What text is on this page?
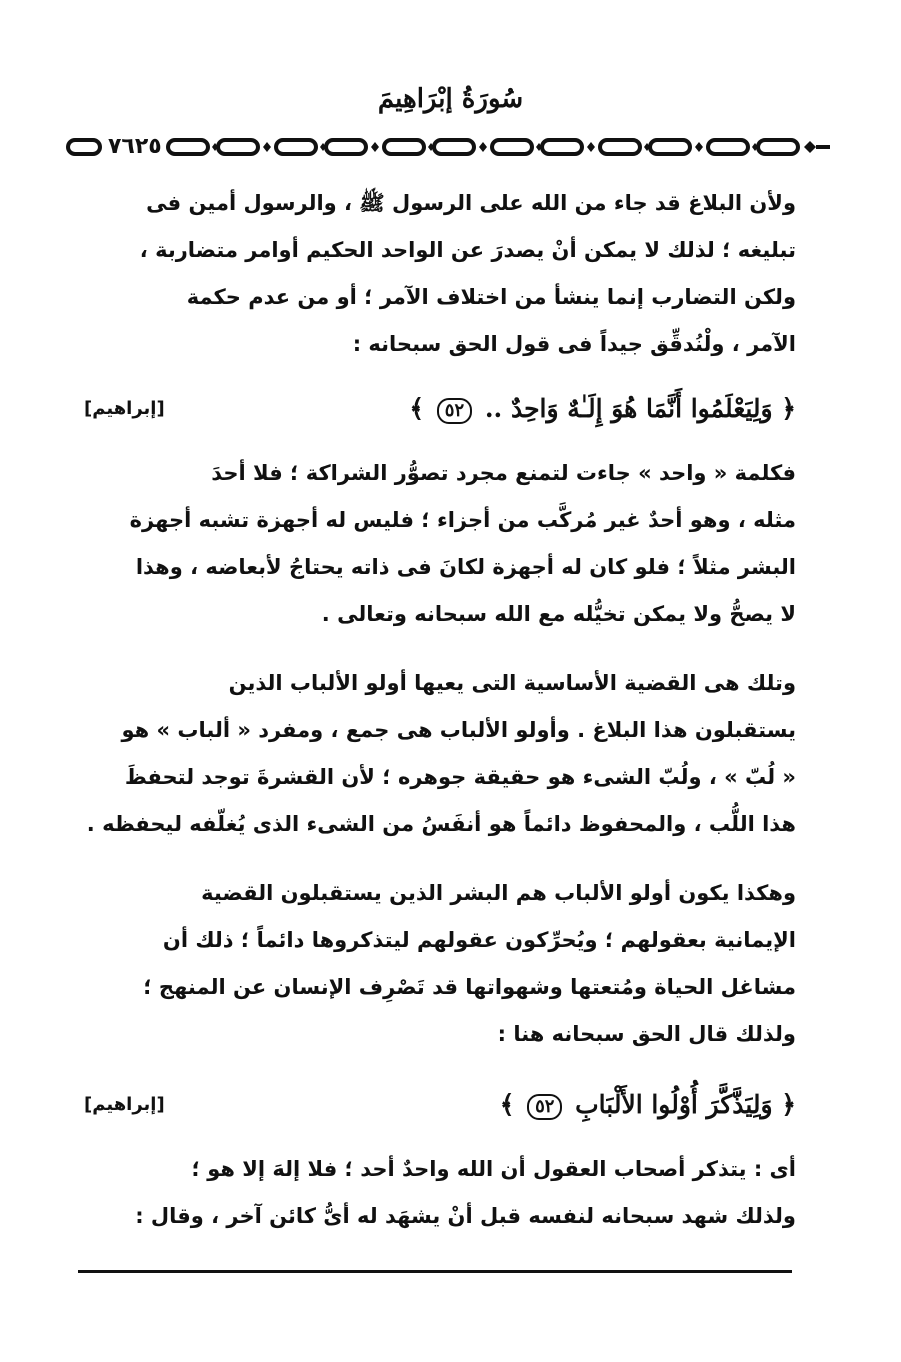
سُورَةُ إبْرَاهِيمَ
٧٦٢٥
ولأن البلاغ قد جاء من الله على الرسول ﷺ ، والرسول أمين فى
تبليغه ؛ لذلك لا يمكن أنْ يصدرَ عن الواحد الحكيم أوامر متضاربة ،
ولكن التضارب إنما ينشأ من اختلاف الآمر ؛ أو من عدم حكمة
الآمر ، ولْنُدقِّق جيداً فى قول الحق سبحانه :
﴿ وَلِيَعْلَمُوا أَنَّمَا هُوَ إِلَـٰهٌ وَاحِدٌ .. ٥٢ ﴾
[إبراهيم]
فكلمة « واحد » جاءت لتمنع مجرد تصوُّر الشراكة ؛ فلا أحدَ
مثله ، وهو أحدٌ غير مُركَّب من أجزاء ؛ فليس له أجهزة تشبه أجهزة
البشر مثلاً ؛ فلو كان له أجهزة لكانَ فى ذاته يحتاجُ لأبعاضه ، وهذا
لا يصحُّ ولا يمكن تخيُّله مع الله سبحانه وتعالى .
وتلك هى القضية الأساسية التى يعيها أولو الألباب الذين
يستقبلون هذا البلاغ . وأولو الألباب هى جمع ، ومفرد « ألباب » هو
« لُبّ » ، ولُبّ الشىء هو حقيقة جوهره ؛ لأن القشرةَ توجد لتحفظَ
هذا اللُّب ، والمحفوظ دائماً هو أنفَسُ من الشىء الذى يُغلّفه ليحفظه .
وهكذا يكون أولو الألباب هم البشر الذين يستقبلون القضية
الإيمانية بعقولهم ؛ ويُحرِّكون عقولهم ليتذكروها دائماً ؛ ذلك أن
مشاغل الحياة ومُتعتها وشهواتها قد تَصْرِف الإنسان عن المنهج ؛
ولذلك قال الحق سبحانه هنا :
﴿ وَلِيَذَّكَّرَ أُوْلُوا الأَلْبَابِ ٥٢ ﴾
[إبراهيم]
أى : يتذكر أصحاب العقول أن الله واحدٌ أحد ؛ فلا إلهَ إلا هو ؛
ولذلك شهد سبحانه لنفسه قبل أنْ يشهَد له أىُّ كائن آخر ، وقال :
